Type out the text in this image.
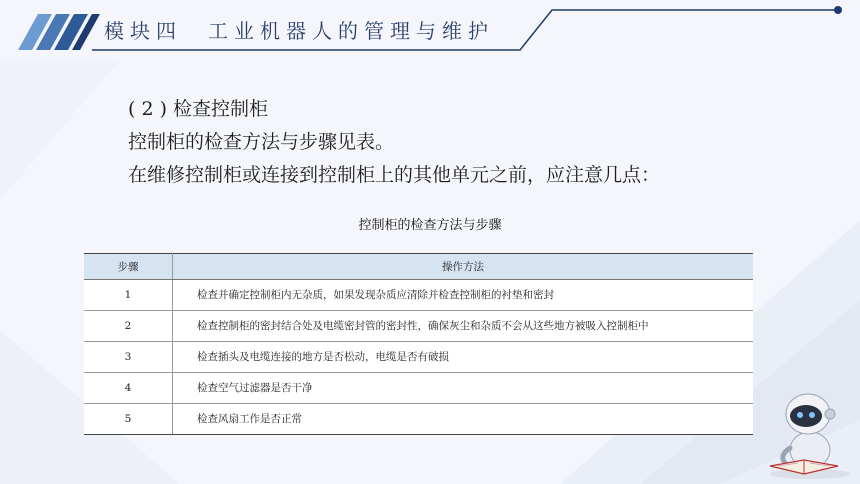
模块四　工业机器人的管理与维护
( 2 ) 检查控制柜
控制柜的检查方法与步骤见表。
在维修控制柜或连接到控制柜上的其他单元之前，应注意几点：
控制柜的检查方法与步骤
步骤	操作方法
1	检查并确定控制柜内无杂质，如果发现杂质应清除并检查控制柜的衬垫和密封
2	检查控制柜的密封结合处及电缆密封管的密封性，确保灰尘和杂质不会从这些地方被吸入控制柜中
3	检查插头及电缆连接的地方是否松动，电缆是否有破损
4	检查空气过滤器是否干净
5	检查风扇工作是否正常
